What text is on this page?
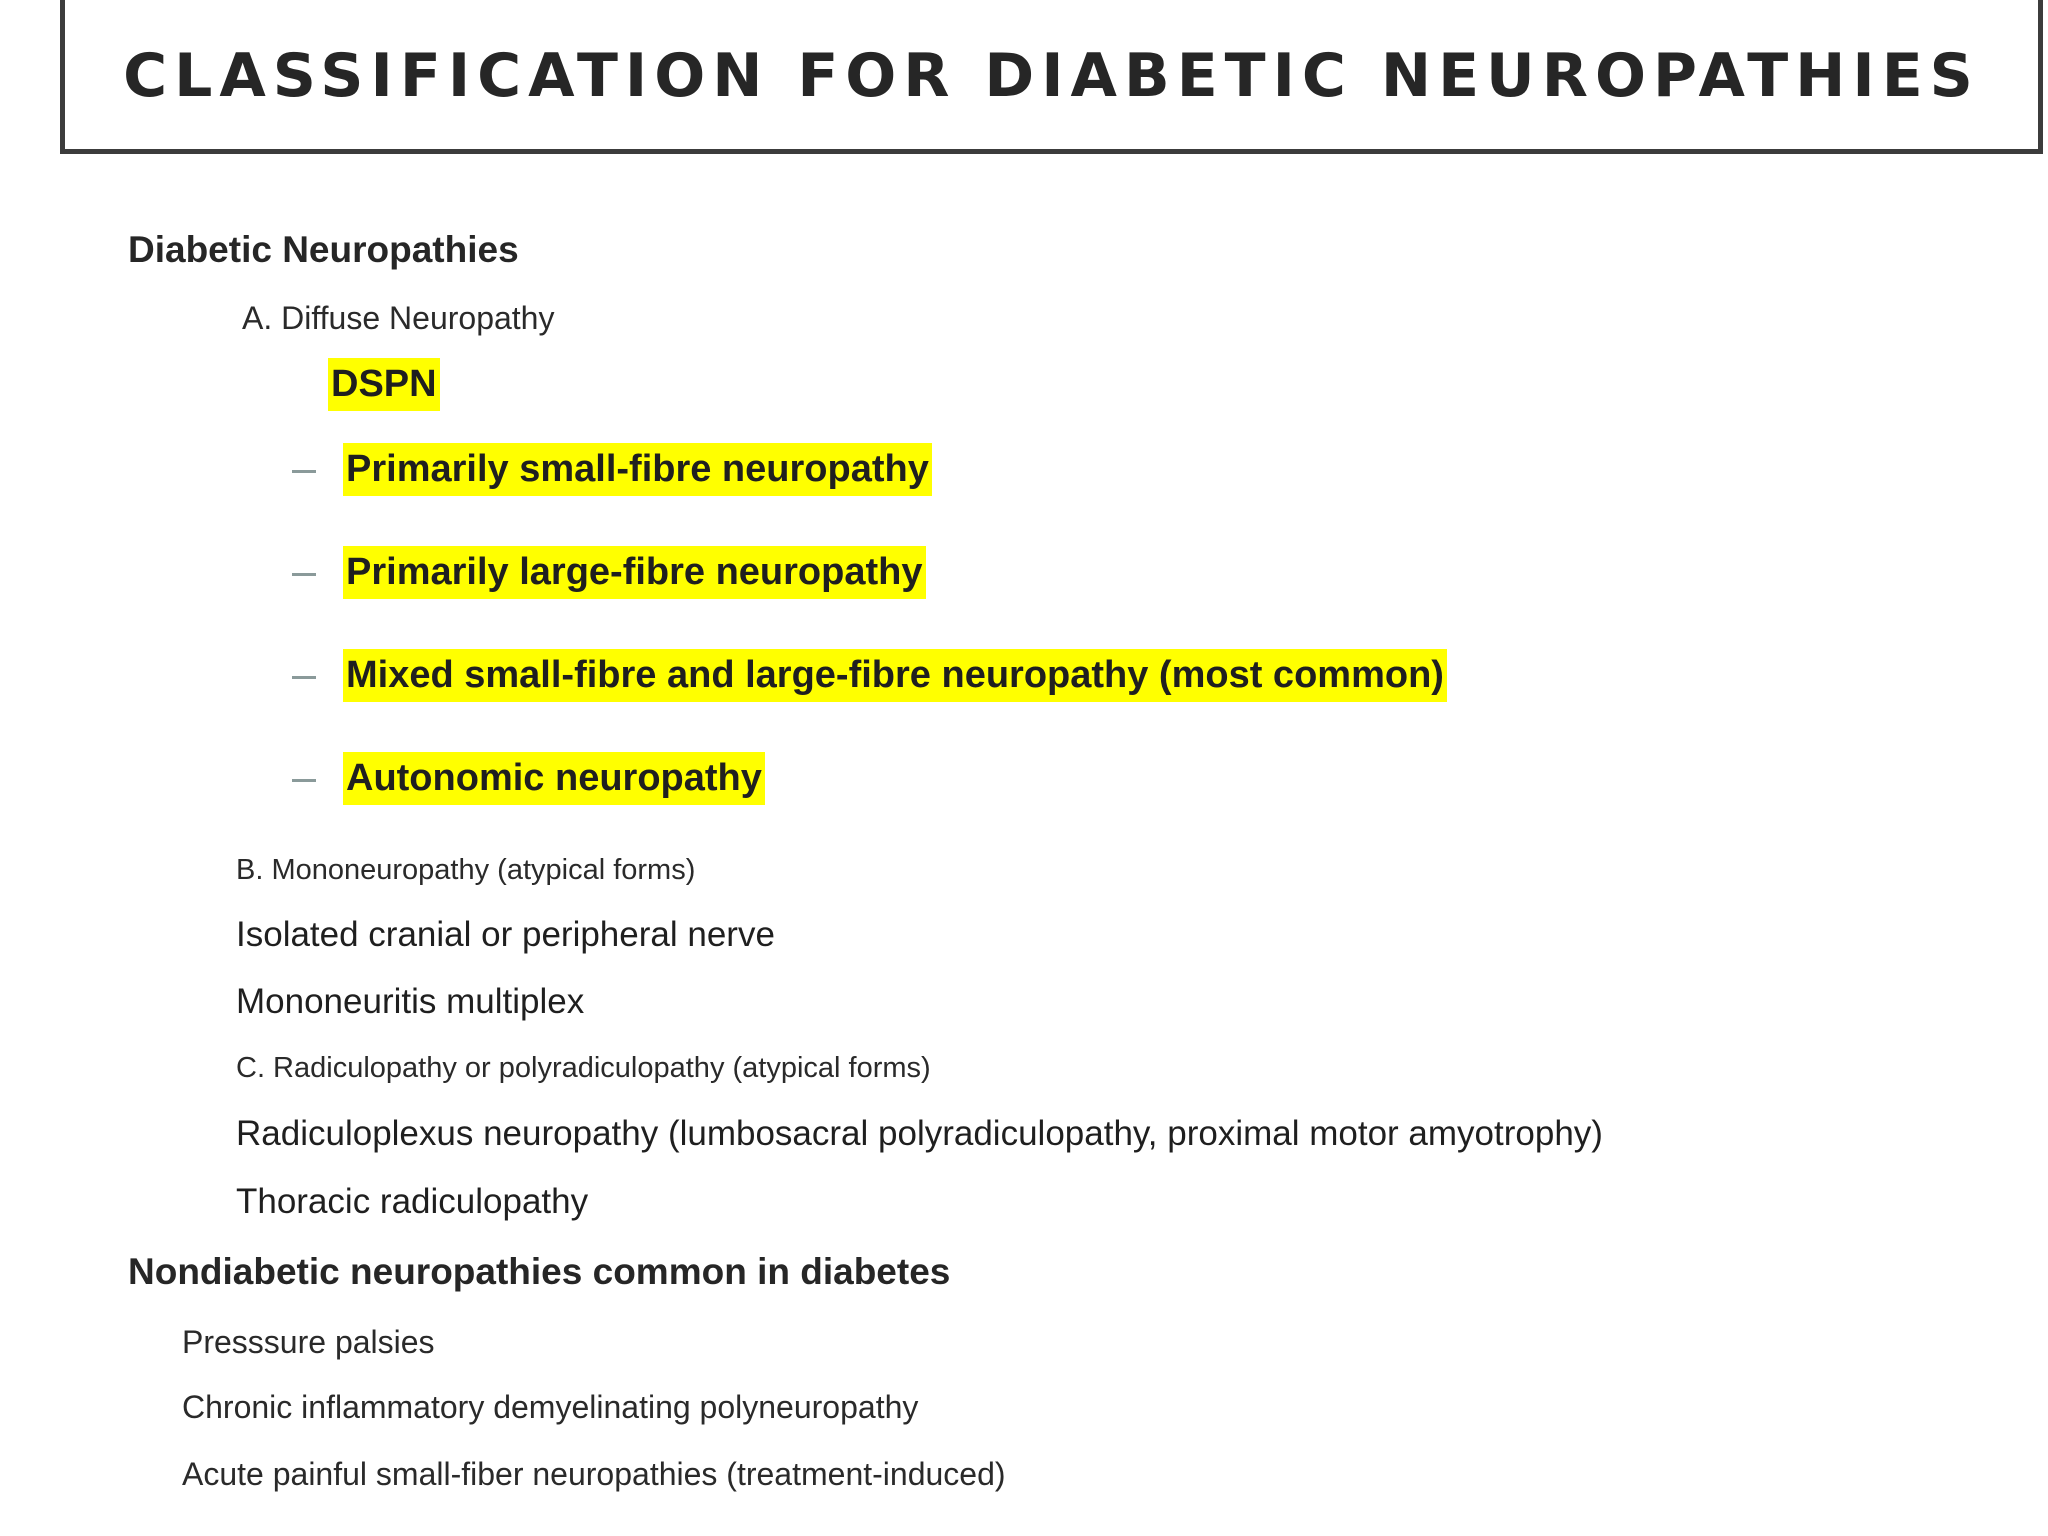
CLASSIFICATION FOR DIABETIC NEUROPATHIES
Diabetic Neuropathies
A. Diffuse Neuropathy
DSPN
Primarily small-fibre neuropathy
Primarily large-fibre neuropathy
Mixed small-fibre and large-fibre neuropathy (most common)
Autonomic neuropathy
B. Mononeuropathy (atypical forms)
Isolated cranial or peripheral nerve
Mononeuritis multiplex
C. Radiculopathy or polyradiculopathy (atypical forms)
Radiculoplexus neuropathy (lumbosacral polyradiculopathy, proximal motor amyotrophy)
Thoracic radiculopathy
Nondiabetic neuropathies common in diabetes
Presssure palsies
Chronic inflammatory demyelinating polyneuropathy
Acute painful small-fiber neuropathies (treatment-induced)
